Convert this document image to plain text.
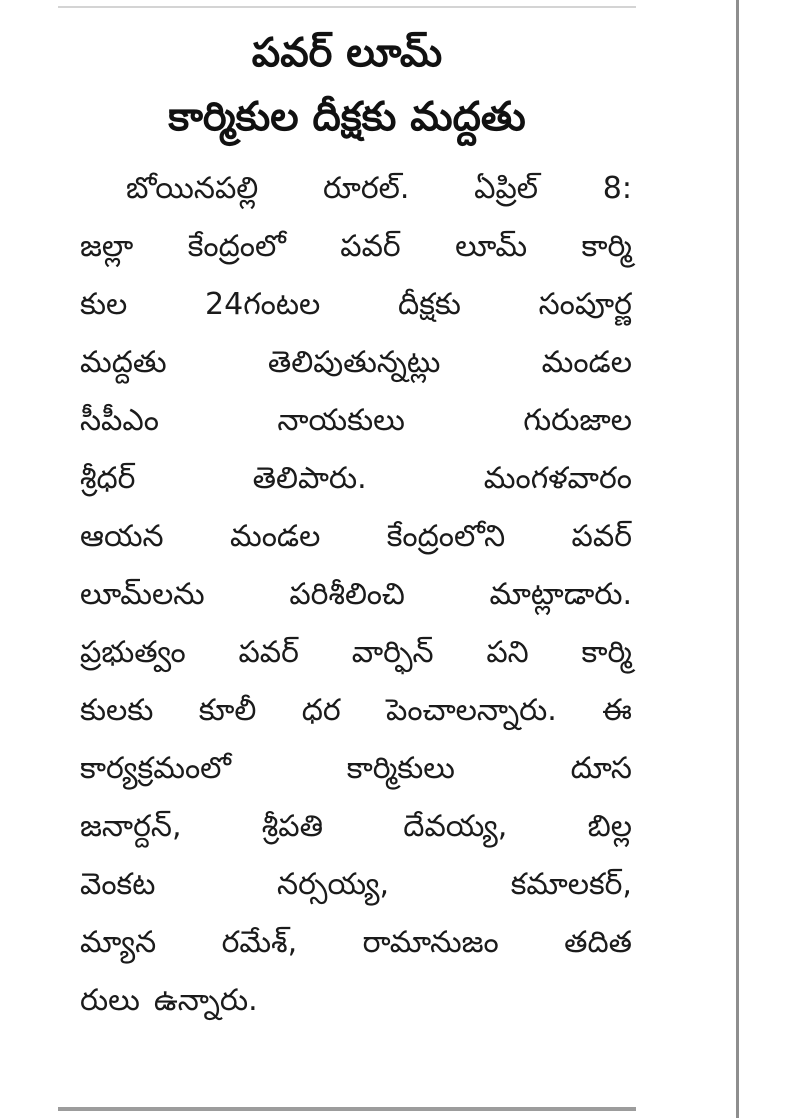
పవర్‌ లూమ్‌
కార్మికుల దీక్షకు మద్దతు
బోయినపల్లి రూరల్‌. ఏప్రిల్‌ 8:
జల్లా కేంద్రంలో పవర్‌ లూమ్‌ కార్మి
కుల	24గంటల	దీక్షకు	సంపూర్ణ
మద్దతు	తెలిపుతున్నట్లు	మండల
సీపీఎం	నాయకులు	గురుజాల
శ్రీధర్‌	తెలిపారు.	మంగళవారం
ఆయన మండల కేంద్రంలోని పవర్‌
లూమ్‌లను	పరిశీలించి	మాట్లాడారు.
ప్రభుత్వం పవర్‌ వార్ఫిన్‌ పని కార్మి
కులకు కూలీ ధర పెంచాలన్నారు. ఈ
కార్యక్రమంలో	కార్మికులు	దూస
జనార్దన్‌,	శ్రీపతి	దేవయ్య,	బిల్ల
వెంకట	నర్సయ్య,	కమాలకర్‌,
మ్యాన రమేశ్‌, రామానుజం తదిత
రులు ఉన్నారు.
